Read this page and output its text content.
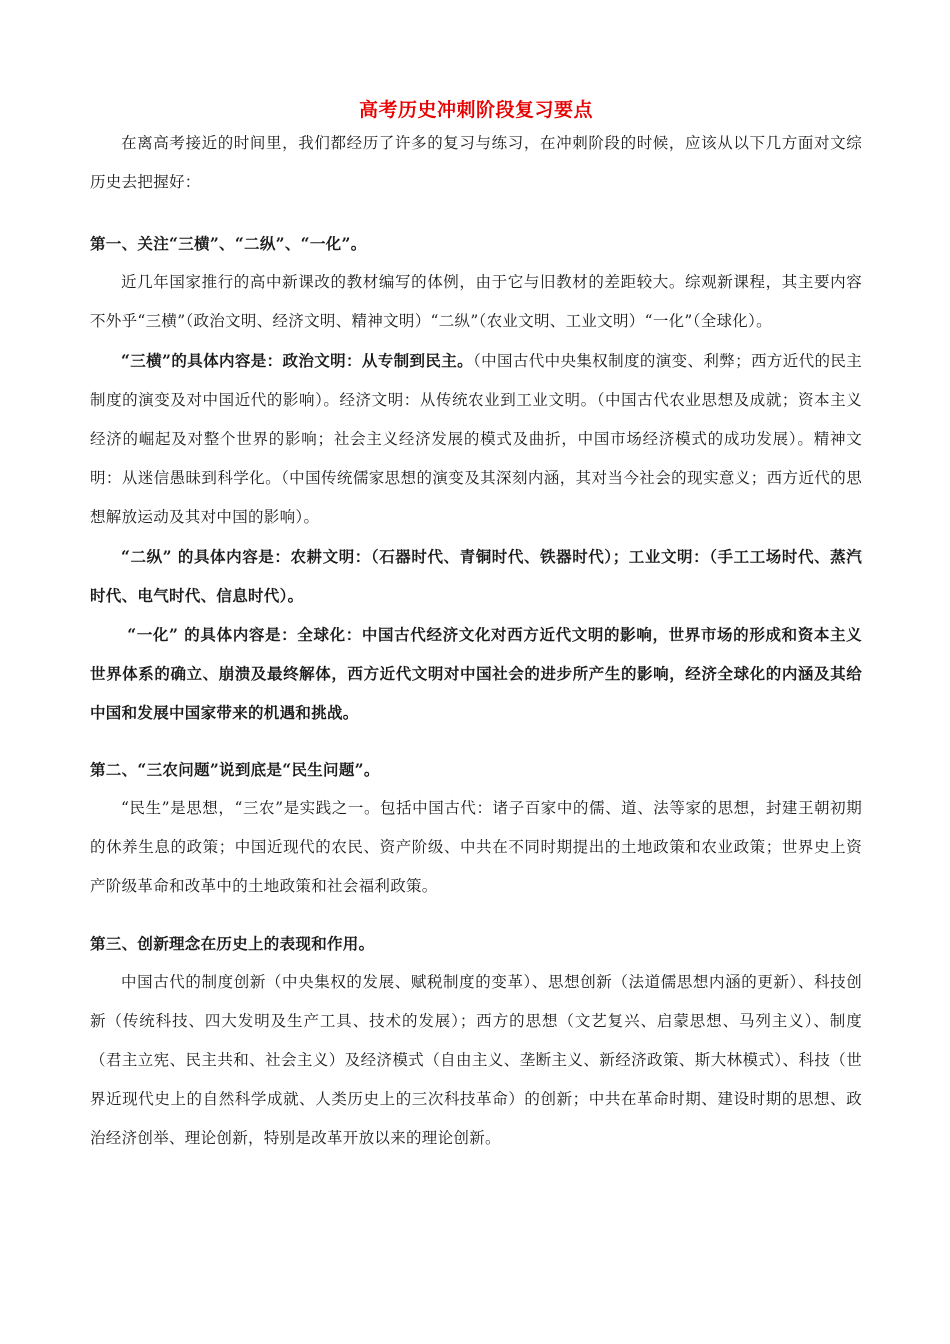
高考历史冲刺阶段复习要点

在离高考接近的时间里，我们都经历了许多的复习与练习，在冲刺阶段的时候，应该从以下几方面对文综历史去把握好：

第一、关注“三横”、“二纵”、“一化”。

近几年国家推行的高中新课改的教材编写的体例，由于它与旧教材的差距较大。综观新课程，其主要内容不外乎“三横”（政治文明、经济文明、精神文明）“二纵”（农业文明、工业文明）“一化”（全球化）。

“三横”的具体内容是：政治文明：从专制到民主。（中国古代中央集权制度的演变、利弊；西方近代的民主制度的演变及对中国近代的影响）。经济文明：从传统农业到工业文明。（中国古代农业思想及成就；资本主义经济的崛起及对整个世界的影响；社会主义经济发展的模式及曲折，中国市场经济模式的成功发展）。精神文明：从迷信愚昧到科学化。（中国传统儒家思想的演变及其深刻内涵，其对当今社会的现实意义；西方近代的思想解放运动及其对中国的影响）。

“二纵” 的具体内容是：农耕文明：（石器时代、青铜时代、铁器时代）；工业文明：（手工工场时代、蒸汽时代、电气时代、信息时代）。

“一化” 的具体内容是：全球化：中国古代经济文化对西方近代文明的影响，世界市场的形成和资本主义世界体系的确立、崩溃及最终解体，西方近代文明对中国社会的进步所产生的影响，经济全球化的内涵及其给中国和发展中国家带来的机遇和挑战。

第二、“三农问题”说到底是“民生问题”。

“民生”是思想，“三农”是实践之一。包括中国古代：诸子百家中的儒、道、法等家的思想，封建王朝初期的休养生息的政策；中国近现代的农民、资产阶级、中共在不同时期提出的土地政策和农业政策；世界史上资产阶级革命和改革中的土地政策和社会福利政策。

第三、创新理念在历史上的表现和作用。

中国古代的制度创新（中央集权的发展、赋税制度的变革）、思想创新（法道儒思想内涵的更新）、科技创新（传统科技、四大发明及生产工具、技术的发展）；西方的思想（文艺复兴、启蒙思想、马列主义）、制度（君主立宪、民主共和、社会主义）及经济模式（自由主义、垄断主义、新经济政策、斯大林模式）、科技（世界近现代史上的自然科学成就、人类历史上的三次科技革命）的创新；中共在革命时期、建设时期的思想、政治经济创举、理论创新，特别是改革开放以来的理论创新。
